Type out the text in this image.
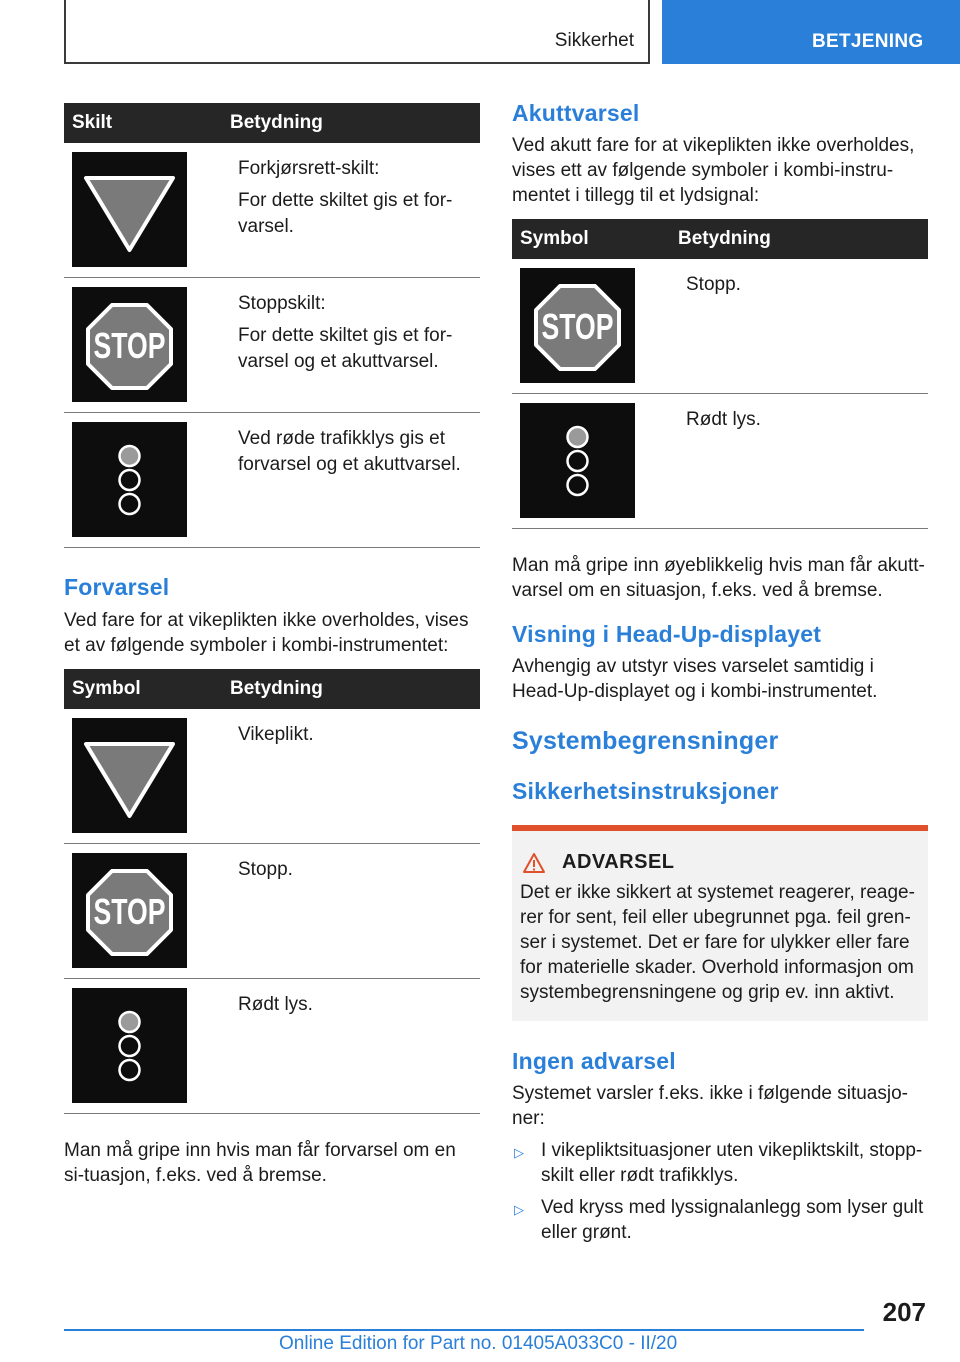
Sikkerhet	BETJENING
Skilt	Betydning

Forkjørsrett-skilt:

For dette skiltet gis et for-varsel.

Stoppskilt:

For dette skiltet gis et for-varsel og et akuttvarsel.

Ved røde trafikklys gis et forvarsel og et akuttvarsel.

Forvarsel

Ved fare for at vikeplikten ikke overholdes, vises et av følgende symboler i kombi-instrumentet:

Symbol	Betydning

Vikeplikt.

Stopp.

Rødt lys.

Man må gripe inn hvis man får forvarsel om en si-tuasjon, f.eks. ved å bremse.

Akuttvarsel

Ved akutt fare for at vikeplikten ikke overholdes, vises ett av følgende symboler i kombi-instru-mentet i tillegg til et lydsignal:

Symbol	Betydning

Stopp.

Rødt lys.

Man må gripe inn øyeblikkelig hvis man får akutt-varsel om en situasjon, f.eks. ved å bremse.

Visning i Head-Up-displayet

Avhengig av utstyr vises varselet samtidig i Head-Up-displayet og i kombi-instrumentet.

Systembegrensninger
Sikkerhetsinstruksjoner
ADVARSEL

Det er ikke sikkert at systemet reagerer, reage-rer for sent, feil eller ubegrunnet pga. feil gren-ser i systemet. Det er fare for ulykker eller fare for materielle skader. Overhold informasjon om systembegrensningene og grip ev. inn aktivt.

Ingen advarsel

Systemet varsler f.eks. ikke i følgende situasjo-ner:

▷ I vikepliktsituasjoner uten vikepliktskilt, stopp-skilt eller rødt trafikklys.
▷ Ved kryss med lyssignalanlegg som lyser gult eller grønt.
207
Online Edition for Part no. 01405A033C0 - II/20
